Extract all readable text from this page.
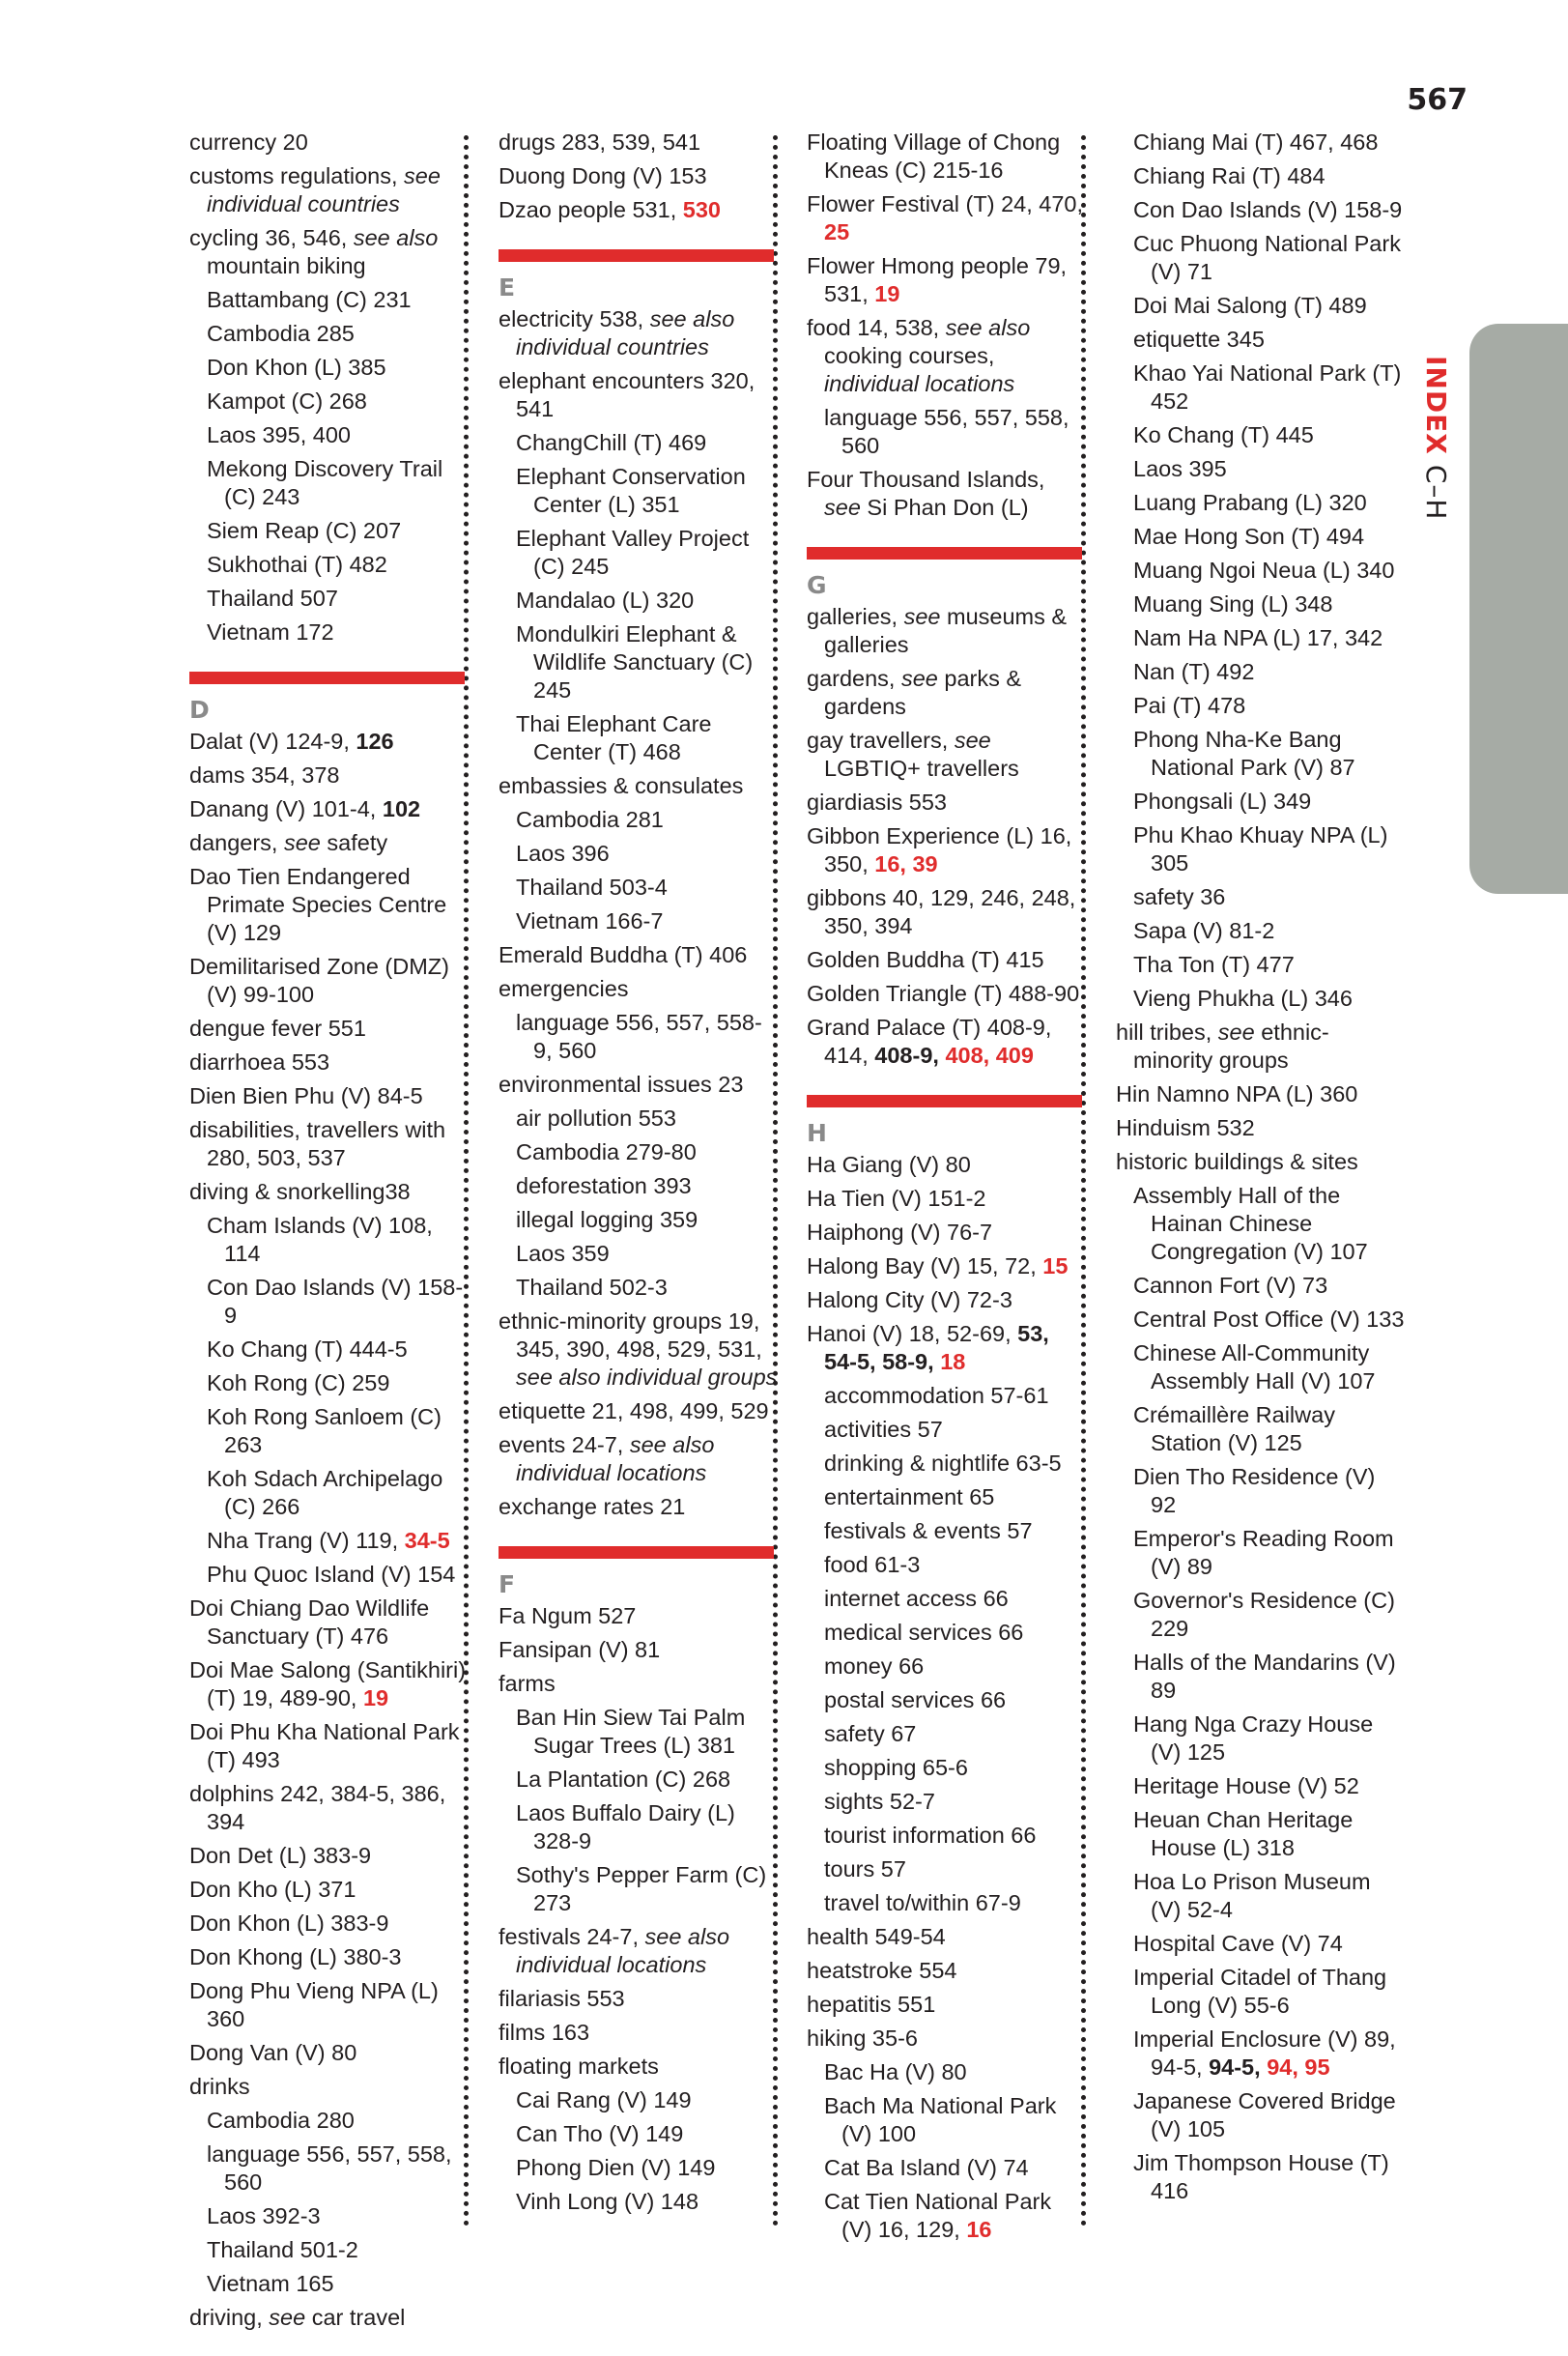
INDEXC–H
567
currency 20
customs regulations, see individual countries
cycling 36, 546, see also mountain biking
Battambang (C) 231
Cambodia 285
Don Khon (L) 385
Kampot (C) 268
Laos 395, 400
Mekong Discovery Trail (C) 243
Siem Reap (C) 207
Sukhothai (T) 482
Thailand 507
Vietnam 172
D
Dalat (V) 124-9, 126
dams 354, 378
Danang (V) 101-4, 102
dangers, see safety
Dao Tien Endangered Primate Species Centre (V) 129
Demilitarised Zone (DMZ) (V) 99-100
dengue fever 551
diarrhoea 553
Dien Bien Phu (V) 84-5
disabilities, travellers with 280, 503, 537
diving & snorkelling38
Cham Islands (V) 108, 114
Con Dao Islands (V) 158-9
Ko Chang (T) 444-5
Koh Rong (C) 259
Koh Rong Sanloem (C) 263
Koh Sdach Archipelago (C) 266
Nha Trang (V) 119, 34-5
Phu Quoc Island (V) 154
Doi Chiang Dao Wildlife Sanctuary (T) 476
Doi Mae Salong (Santikhiri) (T) 19, 489-90, 19
Doi Phu Kha National Park (T) 493
dolphins 242, 384-5, 386, 394
Don Det (L) 383-9
Don Kho (L) 371
Don Khon (L) 383-9
Don Khong (L) 380-3
Dong Phu Vieng NPA (L) 360
Dong Van (V) 80
drinks
Cambodia 280
language 556, 557, 558, 560
Laos 392-3
Thailand 501-2
Vietnam 165
driving, see car travel
drugs 283, 539, 541
Duong Dong (V) 153
Dzao people 531, 530
E
electricity 538, see also individual countries
elephant encounters 320, 541
ChangChill (T) 469
Elephant Conservation Center (L) 351
Elephant Valley Project (C) 245
Mandalao (L) 320
Mondulkiri Elephant & Wildlife Sanctuary (C) 245
Thai Elephant Care Center (T) 468
embassies & consulates
Cambodia 281
Laos 396
Thailand 503-4
Vietnam 166-7
Emerald Buddha (T) 406
emergencies
language 556, 557, 558-9, 560
environmental issues 23
air pollution 553
Cambodia 279-80
deforestation 393
illegal logging 359
Laos 359
Thailand 502-3
ethnic-minority groups 19, 345, 390, 498, 529, 531, see also individual groups
etiquette 21, 498, 499, 529
events 24-7, see also individual locations
exchange rates 21
F
Fa Ngum 527
Fansipan (V) 81
farms
Ban Hin Siew Tai Palm Sugar Trees (L) 381
La Plantation (C) 268
Laos Buffalo Dairy (L) 328-9
Sothy's Pepper Farm (C) 273
festivals 24-7, see also individual locations
filariasis 553
films 163
floating markets
Cai Rang (V) 149
Can Tho (V) 149
Phong Dien (V) 149
Vinh Long (V) 148
Floating Village of Chong Kneas (C) 215-16
Flower Festival (T) 24, 470, 25
Flower Hmong people 79, 531, 19
food 14, 538, see also cooking courses, individual locations
language 556, 557, 558, 560
Four Thousand Islands, see Si Phan Don (L)
G
galleries, see museums & galleries
gardens, see parks & gardens
gay travellers, see LGBTIQ+ travellers
giardiasis 553
Gibbon Experience (L) 16, 350, 16, 39
gibbons 40, 129, 246, 248, 350, 394
Golden Buddha (T) 415
Golden Triangle (T) 488-90
Grand Palace (T) 408-9, 414, 408-9, 408, 409
H
Ha Giang (V) 80
Ha Tien (V) 151-2
Haiphong (V) 76-7
Halong Bay (V) 15, 72, 15
Halong City (V) 72-3
Hanoi (V) 18, 52-69, 53, 54-5, 58-9, 18
accommodation 57-61
activities 57
drinking & nightlife 63-5
entertainment 65
festivals & events 57
food 61-3
internet access 66
medical services 66
money 66
postal services 66
safety 67
shopping 65-6
sights 52-7
tourist information 66
tours 57
travel to/within 67-9
health 549-54
heatstroke 554
hepatitis 551
hiking 35-6
Bac Ha (V) 80
Bach Ma National Park (V) 100
Cat Ba Island (V) 74
Cat Tien National Park (V) 16, 129, 16
Chiang Mai (T) 467, 468
Chiang Rai (T) 484
Con Dao Islands (V) 158-9
Cuc Phuong National Park (V) 71
Doi Mai Salong (T) 489
etiquette 345
Khao Yai National Park (T) 452
Ko Chang (T) 445
Laos 395
Luang Prabang (L) 320
Mae Hong Son (T) 494
Muang Ngoi Neua (L) 340
Muang Sing (L) 348
Nam Ha NPA (L) 17, 342
Nan (T) 492
Pai (T) 478
Phong Nha-Ke Bang National Park (V) 87
Phongsali (L) 349
Phu Khao Khuay NPA (L) 305
safety 36
Sapa (V) 81-2
Tha Ton (T) 477
Vieng Phukha (L) 346
hill tribes, see ethnic-minority groups
Hin Namno NPA (L) 360
Hinduism 532
historic buildings & sites
Assembly Hall of the Hainan Chinese Congregation (V) 107
Cannon Fort (V) 73
Central Post Office (V) 133
Chinese All-Community Assembly Hall (V) 107
Crémaillère Railway Station (V) 125
Dien Tho Residence (V) 92
Emperor's Reading Room (V) 89
Governor's Residence (C) 229
Halls of the Mandarins (V) 89
Hang Nga Crazy House (V) 125
Heritage House (V) 52
Heuan Chan Heritage House (L) 318
Hoa Lo Prison Museum (V) 52-4
Hospital Cave (V) 74
Imperial Citadel of Thang Long (V) 55-6
Imperial Enclosure (V) 89, 94-5, 94-5, 94, 95
Japanese Covered Bridge (V) 105
Jim Thompson House (T) 416
